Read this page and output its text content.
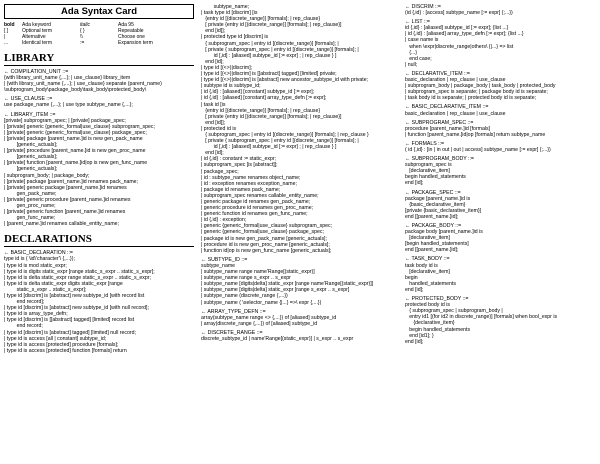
Ada Syntax Card
bold	Ada keyword	italic	Ada 95
[ ]	Optional term	{ }	Repeatable
|	Alternative	\\	Choose one
...	Identical term	:=	Expansion term
LIBRARY
← COMPILATION_UNIT ::=
{with library_unit_name {,...}; | use_clause} library_item
| {with library_unit_name {,...}; | use_clause} separate (parent_name)
\subprogram_body\package_body\task_body\protected_body\
← USE_CLAUSE ::=
use package_name {,...}; | use type subtype_name {,...};
← LIBRARY_ITEM ::=
[private] subprogram_spec; | [private] package_spec;
| [private] generic {generic_formal|use_clause} subprogram_spec;
| [private] generic {generic_formal|use_clause} package_spec;
| [private] package [parent_name.]id is new gen_pack_name
[generic_actuals];
| [private] procedure [parent_name.]id is new gen_proc_name
[generic_actuals];
| [private] function [parent_name.]id|op is new gen_func_name
[generic_actuals];
| subprogram_body; | package_body;
| [private] package [parent_name.]id renames pack_name;
| [private] generic package [parent_name.]id renames
gen_pack_name;
| [private] generic procedure [parent_name.]id renames
gen_proc_name;
| [private] generic function [parent_name.]id renames
gen_func_name;
| [parent_name.]id renames callable_entity_name;
DECLARATIONS
← BASIC_DECLARATION ::=
type id is ( \id\'character'\ {,...});
| type id is mod static_expr;
| type id is digits static_expr [range static_s_expr .. static_s_expr];
| type id is delta static_expr range static_s_expr .. static_s_expr;
| type id is delta static_expr digits static_expr [range
static_s_expr .. static_s_expr];
| type id [discrim] is [abstract] new subtype_id [with record list
end record];
| type id [discrim] is [abstract] new subtype_id [with null record];
| type id is array_type_defn;
| type id [discrim] is [[abstract] tagged] [limited] record list
end record;
| type id [discrim] is [abstract] tagged] [limited] null record;
| type id is access [all | constant] subtype_id;
| type id is access [protected] procedure [formals];
| type id is access [protected] function [formals] return
subtype_name;
| task type id [discrim] [is
{entry id [(discrete_range)] [formals]; | rep_clause}
[ private {entry id [(discrete_range)] [formals]; | rep_clause}]
end [id]];
| protected type id [discrim] is
{ subprogram_spec | entry id [(discrete_range)] [formals]; |
[ private { subprogram_spec | entry id [(discrete_range)] [formals]; |
id [,id] : [aliased] subtype_id [:= expr] ; | rep_clause } ]
end [id];
| type id [(<>)|discrim];
| type id [(<>)|discrim] is [[abstract] tagged] [limited] private;
| type id [(<>)|discrim] is [abstract] new ancestor_subtype_id with private;
| subtype id is subtype_id;
| id {,id} : [aliased] [constant] subtype_id [:= expr];
| id {,id} : [aliased] [constant] array_type_defn [:= expr];
| task id [is
{entry id [(discrete_range)] [formals]; | rep_clause}
[ private {entry id [(discrete_range)] [formals]; | rep_clause}]
end [id]];
| protected id is
{ subprogram_spec | entry id [(discrete_range)] [formals]; | rep_clause }
[ private { subprogram_spec | entry id [(discrete_range)] [formals]; |
id [,id] : [aliased] subtype_id [:= expr] ; | rep_clause } ]
end [id];
| id {,id} : constant := static_expr;
| subprogram_spec [is [abstract]];
| package_spec;
| id : subtype_name renames object_name;
| id : exception renames exception_name;
| package id renames pack_name;
| subprogram_spec renames callable_entity_name;
| generic package id renames gen_pack_name;
| generic procedure id renames gen_proc_name;
| generic function id renames gen_func_name;
| id {,id} : exception;
| generic {generic_formal|use_clause} subprogram_spec;
| generic {generic_formal|use_clause} package_spec;
| package id is new gen_pack_name [generic_actuals];
| procedure id is new gen_proc_name [generic_actuals];
| function id|op is new gen_func_name [generic_actuals];
← SUBTYPE_ID ::=
subtype_name
| subtype_name range name'Range[(static_expr)]
| subtype_name range s_expr .. s_expr
| subtype_name [digits|delta] static_expr [range name'Range[(static_expr)]]
| subtype_name [digits|delta] static_expr [range s_expr .. s_expr]
| subtype_name (discrete_range {,...})
| subtype_name ( \selector_name {|...} =>\ expr {,...})
← ARRAY_TYPE_DEFN ::=
array(subtype_name range <> {,...}) of [aliased] subtype_id
| array(discrete_range {,...}) of [aliased] subtype_id
← DISCRETE_RANGE ::=
discrete_subtype_id | name'Range[(static_expr)] | s_expr .. s_expr
← DISCRIM ::=
(id {,id} : [access] subtype_name [:= expr] {;...})
← LIST ::=
id {,id} : [aliased] subtype_id [:= expr]; {list ...}
| id {,id} : [aliased] array_type_defn [:= expr]; {list ...}
| case name is
when \expr|discrete_range|others\ {|...} => list
{...}
end case;
| null;
← DECLARATIVE_ITEM ::=
basic_declaration | rep_clause | use_clause
| subprogram_body | package_body | task_body | protected_body
| subprogram_spec is separate; | package body id is separate;
| task body id is separate; | protected body id is separate;
← BASIC_DECLARATIVE_ITEM ::=
basic_declaration | rep_clause | use_clause
← SUBPROGRAM_SPEC ::=
procedure [parent_name.]id [formals]
| function [parent_name.]id|op [formals] return subtype_name
← FORMALS ::=
( id {,id} : [in | in out | out | access] subtype_name [:= expr] {;...})
← SUBPROGRAM_BODY ::=
subprogram_spec is
[declarative_item]
begin handled_statements
end [id];
← PACKAGE_SPEC ::=
package [parent_name.]id is
{basic_declarative_item}
[private {basic_declarative_item}]
end [[parent_name.]id];
← PACKAGE_BODY ::=
package body [parent_name.]id is
[declarative_item]
[begin handled_statements]
end [[parent_name.]id];
← TASK_BODY ::=
task body id is
[declarative_item]
begin
handled_statements
end [id];
← PROTECTED_BODY ::=
protected body id is
{ subprogram_spec | subprogram_body |
entry id1 [(for id2 in discrete_range)] [formals] when bool_expr is
{declarative_item}
begin handled_statements
end [id1]; }
end [id];
